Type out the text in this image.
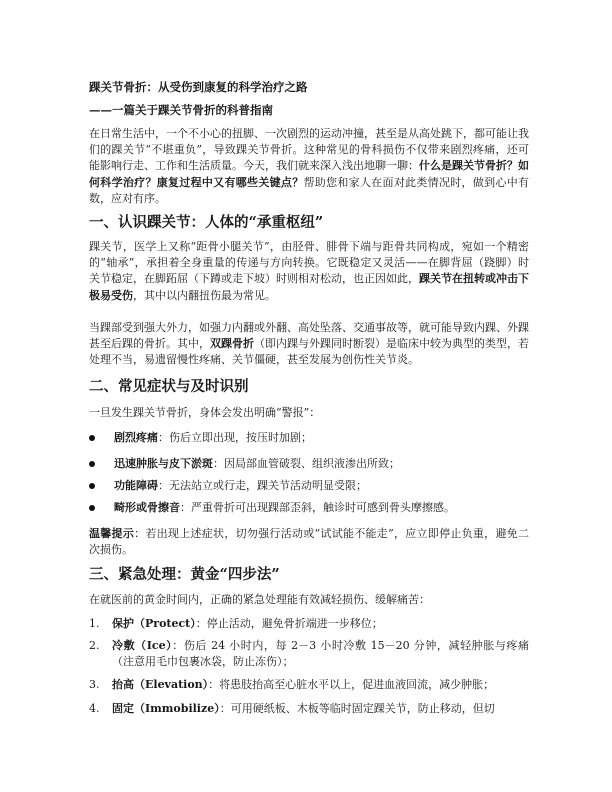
踝关节骨折：从受伤到康复的科学治疗之路
——一篇关于踝关节骨折的科普指南
在日常生活中，一个不小心的扭脚、一次剧烈的运动冲撞，甚至是从高处跳下，都可能让我们的踝关节“不堪重负”，导致踝关节骨折。这种常见的骨科损伤不仅带来剧烈疼痛，还可能影响行走、工作和生活质量。今天，我们就来深入浅出地聊一聊：什么是踝关节骨折？如何科学治疗？康复过程中又有哪些关键点？帮助您和家人在面对此类情况时，做到心中有数，应对有序。
一、认识踝关节：人体的“承重枢纽”
踝关节，医学上又称“距骨小腿关节”，由胫骨、腓骨下端与距骨共同构成，宛如一个精密的“轴承”，承担着全身重量的传递与方向转换。它既稳定又灵活——在脚背屈（跷脚）时关节稳定，在脚跖屈（下蹲或走下坡）时则相对松动，也正因如此，踝关节在扭转或冲击下极易受伤，其中以内翻扭伤最为常见。
当踝部受到强大外力，如强力内翻或外翻、高处坠落、交通事故等，就可能导致内踝、外踝甚至后踝的骨折。其中，双踝骨折（即内踝与外踝同时断裂）是临床中较为典型的类型，若处理不当，易遗留慢性疼痛、关节僵硬，甚至发展为创伤性关节炎。
二、常见症状与及时识别
一旦发生踝关节骨折，身体会发出明确“警报”：
剧烈疼痛：伤后立即出现，按压时加剧；
迅速肿胀与皮下淤斑：因局部血管破裂、组织液渗出所致；
功能障碍：无法站立或行走，踝关节活动明显受限；
畸形或骨擦音：严重骨折可出现踝部歪斜，触诊时可感到骨头摩擦感。
温馨提示：若出现上述症状，切勿强行活动或“试试能不能走”，应立即停止负重，避免二次损伤。
三、紧急处理：黄金“四步法”
在就医前的黄金时间内，正确的紧急处理能有效减轻损伤、缓解痛苦：
1. 保护（Protect）：停止活动，避免骨折端进一步移位；
2. 冷敷（Ice）：伤后 24 小时内，每 2－3 小时冷敷 15－20 分钟，减轻肿胀与疼痛（注意用毛巾包裹冰袋，防止冻伤）；
3. 抬高（Elevation）：将患肢抬高至心脏水平以上，促进血液回流，减少肿胀；
4. 固定（Immobilize）：可用硬纸板、木板等临时固定踝关节，防止移动，但切
